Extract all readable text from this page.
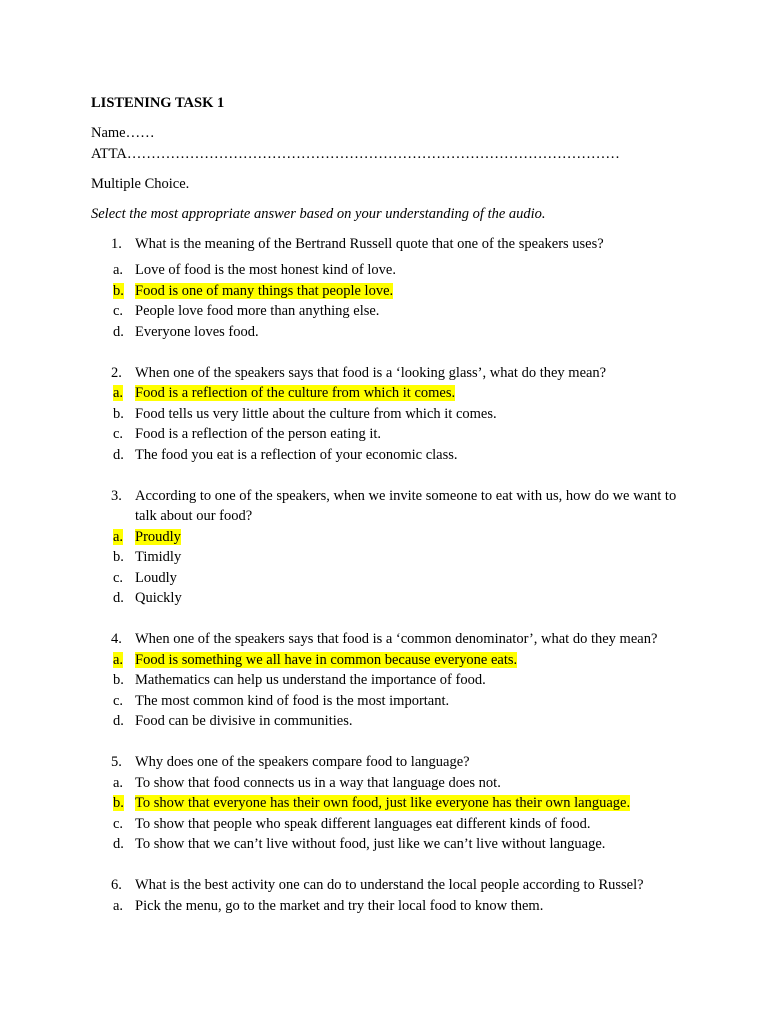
LISTENING TASK 1

Name……

ATTA…………………………………………………………………………………………

Multiple Choice.

Select the most appropriate answer based on your understanding of the audio.

1. What is the meaning of the Bertrand Russell quote that one of the speakers uses?
a. Love of food is the most honest kind of love.
b. Food is one of many things that people love.
c. People love food more than anything else.
d. Everyone loves food.
2. When one of the speakers says that food is a ‘looking glass’, what do they mean?
a. Food is a reflection of the culture from which it comes.
b. Food tells us very little about the culture from which it comes.
c. Food is a reflection of the person eating it.
d. The food you eat is a reflection of your economic class.
3. According to one of the speakers, when we invite someone to eat with us, how do we want to talk about our food?
a. Proudly
b. Timidly
c. Loudly
d. Quickly
4. When one of the speakers says that food is a ‘common denominator’, what do they mean?
a. Food is something we all have in common because everyone eats.
b. Mathematics can help us understand the importance of food.
c. The most common kind of food is the most important.
d. Food can be divisive in communities.
5. Why does one of the speakers compare food to language?
a. To show that food connects us in a way that language does not.
b. To show that everyone has their own food, just like everyone has their own language.
c. To show that people who speak different languages eat different kinds of food.
d. To show that we can’t live without food, just like we can’t live without language.
6. What is the best activity one can do to understand the local people according to Russel?
a. Pick the menu, go to the market and try their local food to know them.
